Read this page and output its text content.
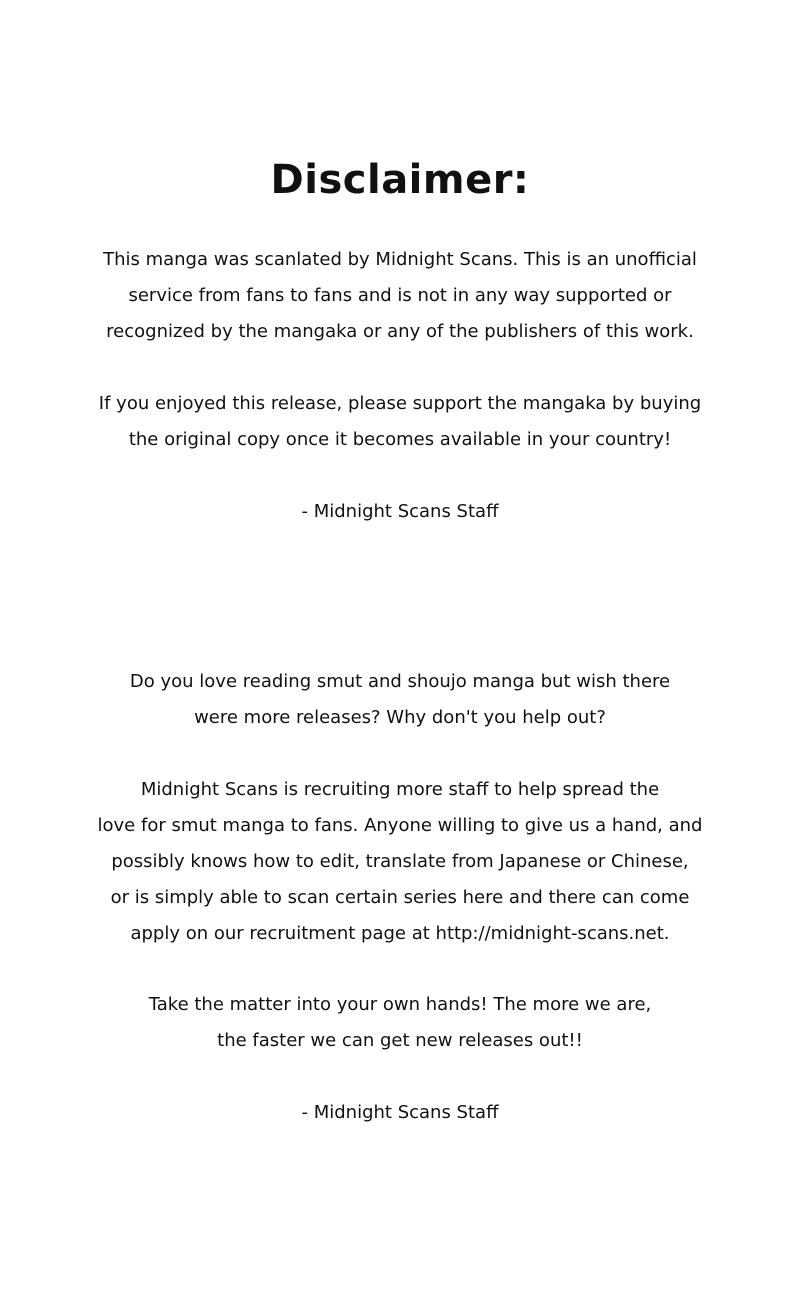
Disclaimer:
This manga was scanlated by Midnight Scans. This is an unofficial
service from fans to fans and is not in any way supported or
recognized by the mangaka or any of the publishers of this work.
If you enjoyed this release, please support the mangaka by buying
the original copy once it becomes available in your country!
- Midnight Scans Staff
Do you love reading smut and shoujo manga but wish there
were more releases? Why don't you help out?
Midnight Scans is recruiting more staff to help spread the
love for smut manga to fans. Anyone willing to give us a hand, and
possibly knows how to edit, translate from Japanese or Chinese,
or is simply able to scan certain series here and there can come
apply on our recruitment page at http://midnight-scans.net.
Take the matter into your own hands! The more we are,
the faster we can get new releases out!!
- Midnight Scans Staff
